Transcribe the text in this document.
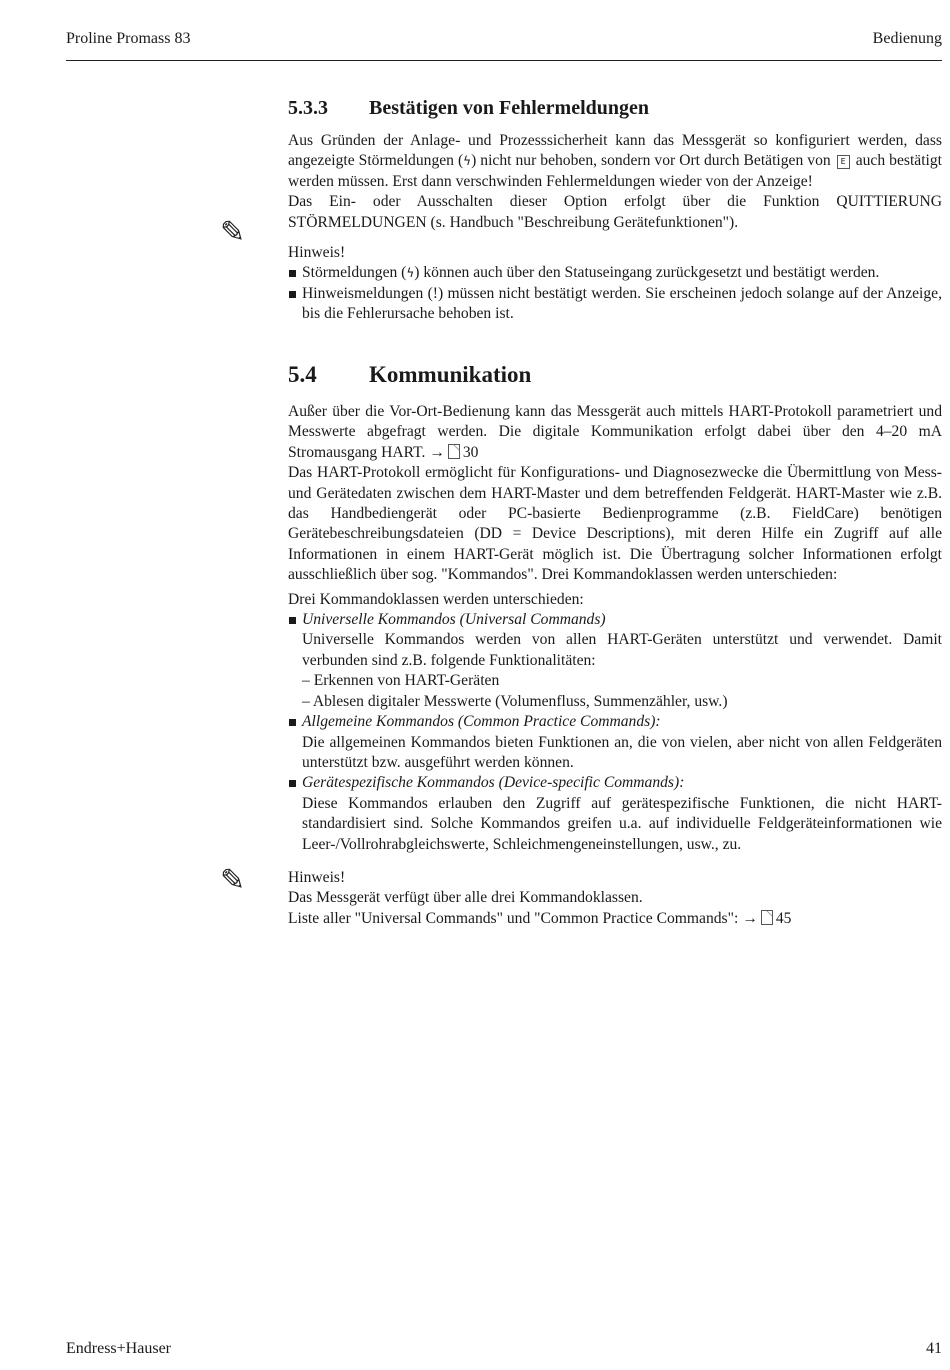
Proline Promass 83	Bedienung
5.3.3 Bestätigen von Fehlermeldungen

Aus Gründen der Anlage- und Prozesssicherheit kann das Messgerät so konfiguriert werden, dass angezeigte Störmeldungen (ϟ) nicht nur behoben, sondern vor Ort durch Betätigen von E auch bestätigt werden müssen. Erst dann verschwinden Fehlermeldungen wieder von der Anzeige!

Das Ein- oder Ausschalten dieser Option erfolgt über die Funktion QUITTIERUNG STÖRMELDUNGEN (s. Handbuch "Beschreibung Gerätefunktionen").

✎
Hinweis!
Störmeldungen (ϟ) können auch über den Statuseingang zurückgesetzt und bestätigt werden.
Hinweismeldungen (!) müssen nicht bestätigt werden. Sie erscheinen jedoch solange auf der Anzeige, bis die Fehlerursache behoben ist.
5.4 Kommunikation

Außer über die Vor-Ort-Bedienung kann das Messgerät auch mittels HART-Protokoll parametriert und Messwerte abgefragt werden. Die digitale Kommunikation erfolgt dabei über den 4–20 mA Stromausgang HART. → 30

Das HART-Protokoll ermöglicht für Konfigurations- und Diagnosezwecke die Übermittlung von Mess- und Gerätedaten zwischen dem HART-Master und dem betreffenden Feldgerät. HART-Master wie z.B. das Handbediengerät oder PC-basierte Bedienprogramme (z.B. FieldCare) benötigen Gerätebeschreibungsdateien (DD = Device Descriptions), mit deren Hilfe ein Zugriff auf alle Informationen in einem HART-Gerät möglich ist. Die Übertragung solcher Informationen erfolgt ausschließlich über sog. "Kommandos". Drei Kommandoklassen werden unterschieden:

Drei Kommandoklassen werden unterschieden:
Universelle Kommandos (Universal Commands)
Universelle Kommandos werden von allen HART-Geräten unterstützt und verwendet. Damit verbunden sind z.B. folgende Funktionalitäten:
– Erkennen von HART-Geräten
– Ablesen digitaler Messwerte (Volumenfluss, Summenzähler, usw.)
Allgemeine Kommandos (Common Practice Commands):
Die allgemeinen Kommandos bieten Funktionen an, die von vielen, aber nicht von allen Feldgeräten unterstützt bzw. ausgeführt werden können.
Gerätespezifische Kommandos (Device-specific Commands):
Diese Kommandos erlauben den Zugriff auf gerätespezifische Funktionen, die nicht HART-standardisiert sind. Solche Kommandos greifen u.a. auf individuelle Feldgeräteinformationen wie Leer-/Vollrohrabgleichswerte, Schleichmengeneinstellungen, usw., zu.
✎	Hinweis!
Das Messgerät verfügt über alle drei Kommandoklassen.
Liste aller "Universal Commands" und "Common Practice Commands": → 45
Endress+Hauser	41
